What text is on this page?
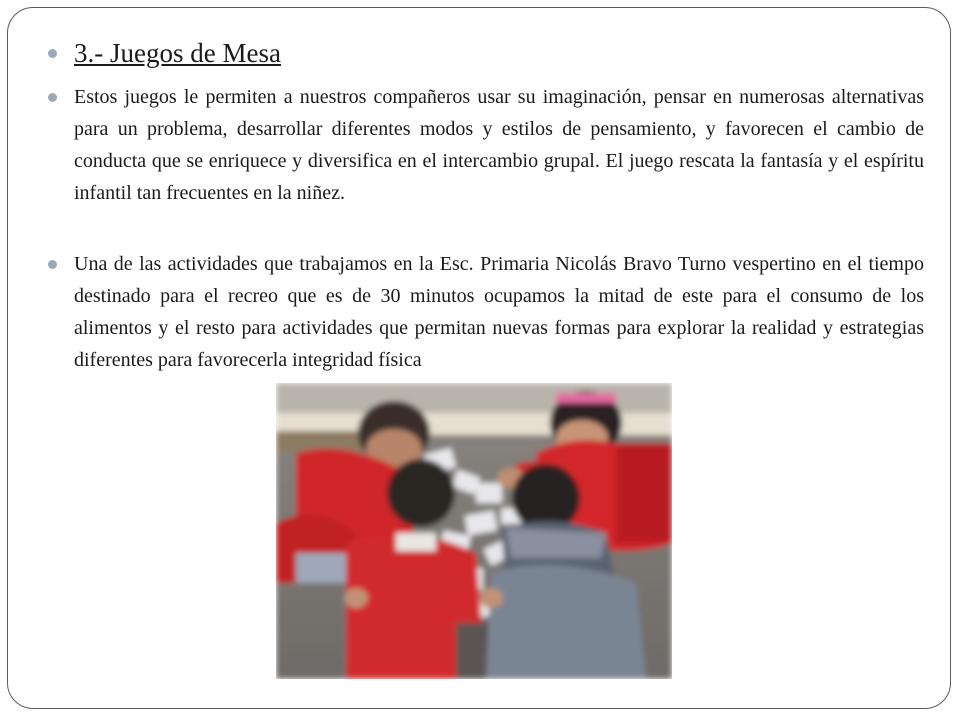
3.- Juegos de Mesa
Estos juegos le permiten a nuestros compañeros usar su imaginación, pensar en numerosas alternativas para un problema, desarrollar diferentes modos y estilos de pensamiento, y favorecen el cambio de conducta que se enriquece y diversifica en el intercambio grupal. El juego rescata la fantasía y el espíritu infantil tan frecuentes en la niñez.
Una de las actividades que trabajamos en la Esc. Primaria Nicolás Bravo Turno vespertino en el tiempo destinado para el recreo que es de 30 minutos ocupamos la mitad de este para el consumo de los alimentos y el resto para actividades que permitan nuevas formas para explorar la realidad y estrategias diferentes para favorecerla integridad física
